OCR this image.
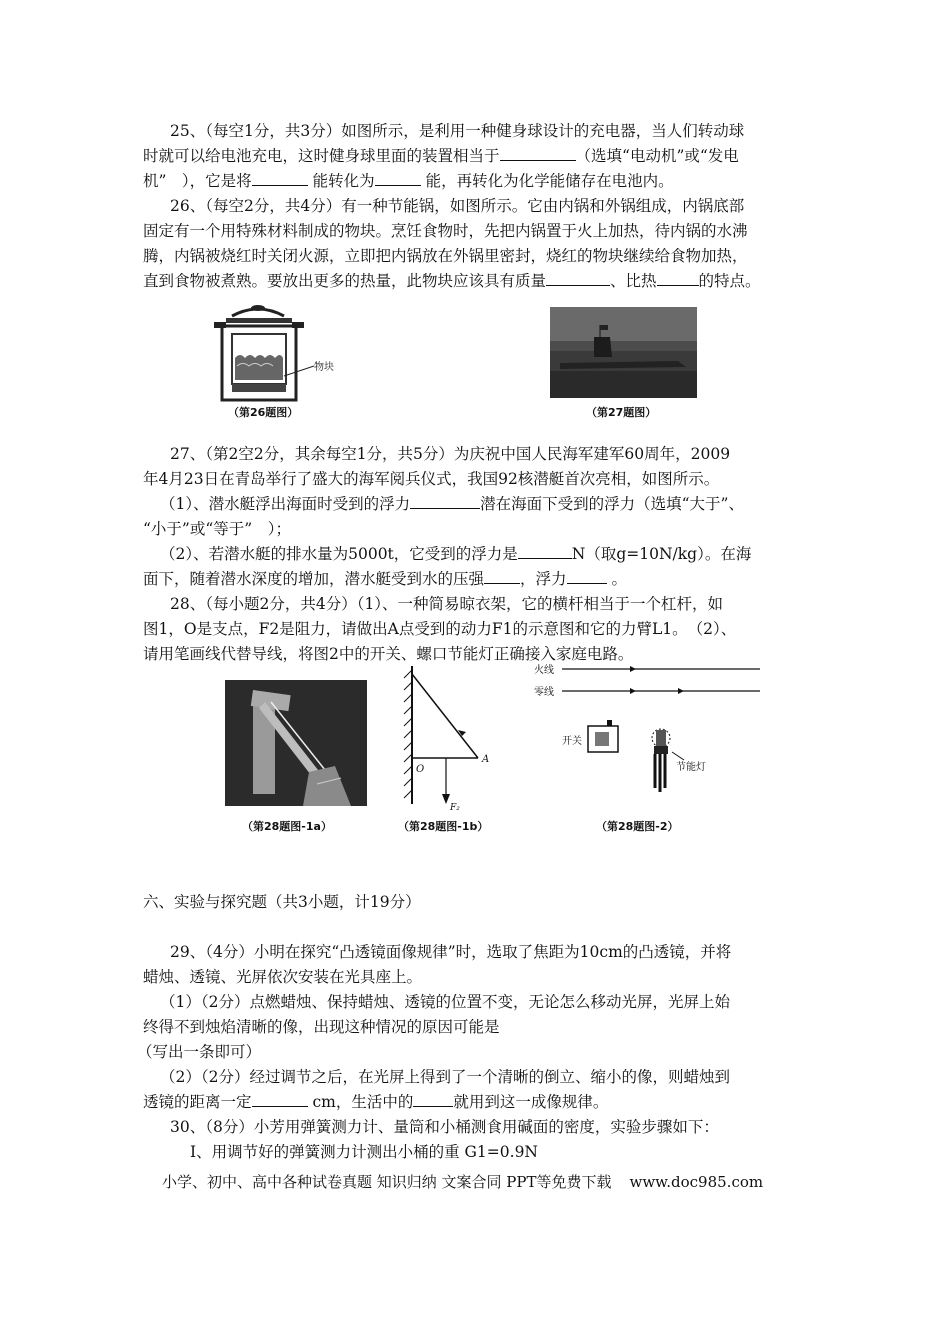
25、（每空1分，共3分）如图所示，是利用一种健身球设计的充电器，当人们转动球
时就可以给电池充电，这时健身球里面的装置相当于	（选填“电动机”或“发电
机”　），它是将	能转化为	能，再转化为化学能储存在电池内。
26、（每空2分，共4分）有一种节能锅，如图所示。它由内锅和外锅组成，内锅底部
固定有一个用特殊材料制成的物块。烹饪食物时，先把内锅置于火上加热，待内锅的水沸
腾，内锅被烧红时关闭火源，立即把内锅放在外锅里密封，烧红的物块继续给食物加热，
直到食物被煮熟。要放出更多的热量，此物块应该具有质量	、比热	的特点。
物块
（第26题图）	（第27题图）
27、（第2空2分，其余每空1分，共5分）为庆祝中国人民海军建军60周年，2009
年4月23日在青岛举行了盛大的海军阅兵仪式，我国92核潜艇首次亮相，如图所示。
（1）、潜水艇浮出海面时受到的浮力	潜在海面下受到的浮力（选填“大于”、
“小于”或“等于”　）；
（2）、若潜水艇的排水量为5000t，它受到的浮力是	N（取g=10N/kg）。在海
面下，随着潜水深度的增加，潜水艇受到水的压强 ，浮力	。
28、（每小题2分，共4分）（1）、一种简易晾衣架，它的横杆相当于一个杠杆，如
图1，O是支点，F2是阻力，请做出A点受到的动力F1的示意图和它的力臂L1。　（2）、
请用笔画线代替导线，将图2中的开关、螺口节能灯正确接入家庭电路。
（第28题图-1a）
O
A
F₂
（第28题图-1b）
火线
零线
开关
节能灯
（第28题图-2）
六、实验与探究题（共3小题，计19分）
29、（4分）小明在探究“凸透镜面像规律”时，选取了焦距为10cm的凸透镜，并将
蜡烛、透镜、光屏依次安装在光具座上。
（1）（2分）点燃蜡烛、保持蜡烛、透镜的位置不变，无论怎么移动光屏，光屏上始
终得不到烛焰清晰的像，出现这种情况的原因可能是
（写出一条即可）
（2）（2分）经过调节之后，在光屏上得到了一个清晰的倒立、缩小的像，则蜡烛到
透镜的距离一定	cm，生活中的	就用到这一成像规律。
30、（8分）小芳用弹簧测力计、量筒和小桶测食用碱面的密度，实验步骤如下：
Ⅰ、用调节好的弹簧测力计测出小桶的重 G1=0.9N
小学、初中、高中各种试卷真题 知识归纳 文案合同 PPT等免费下载 www.doc985.com
